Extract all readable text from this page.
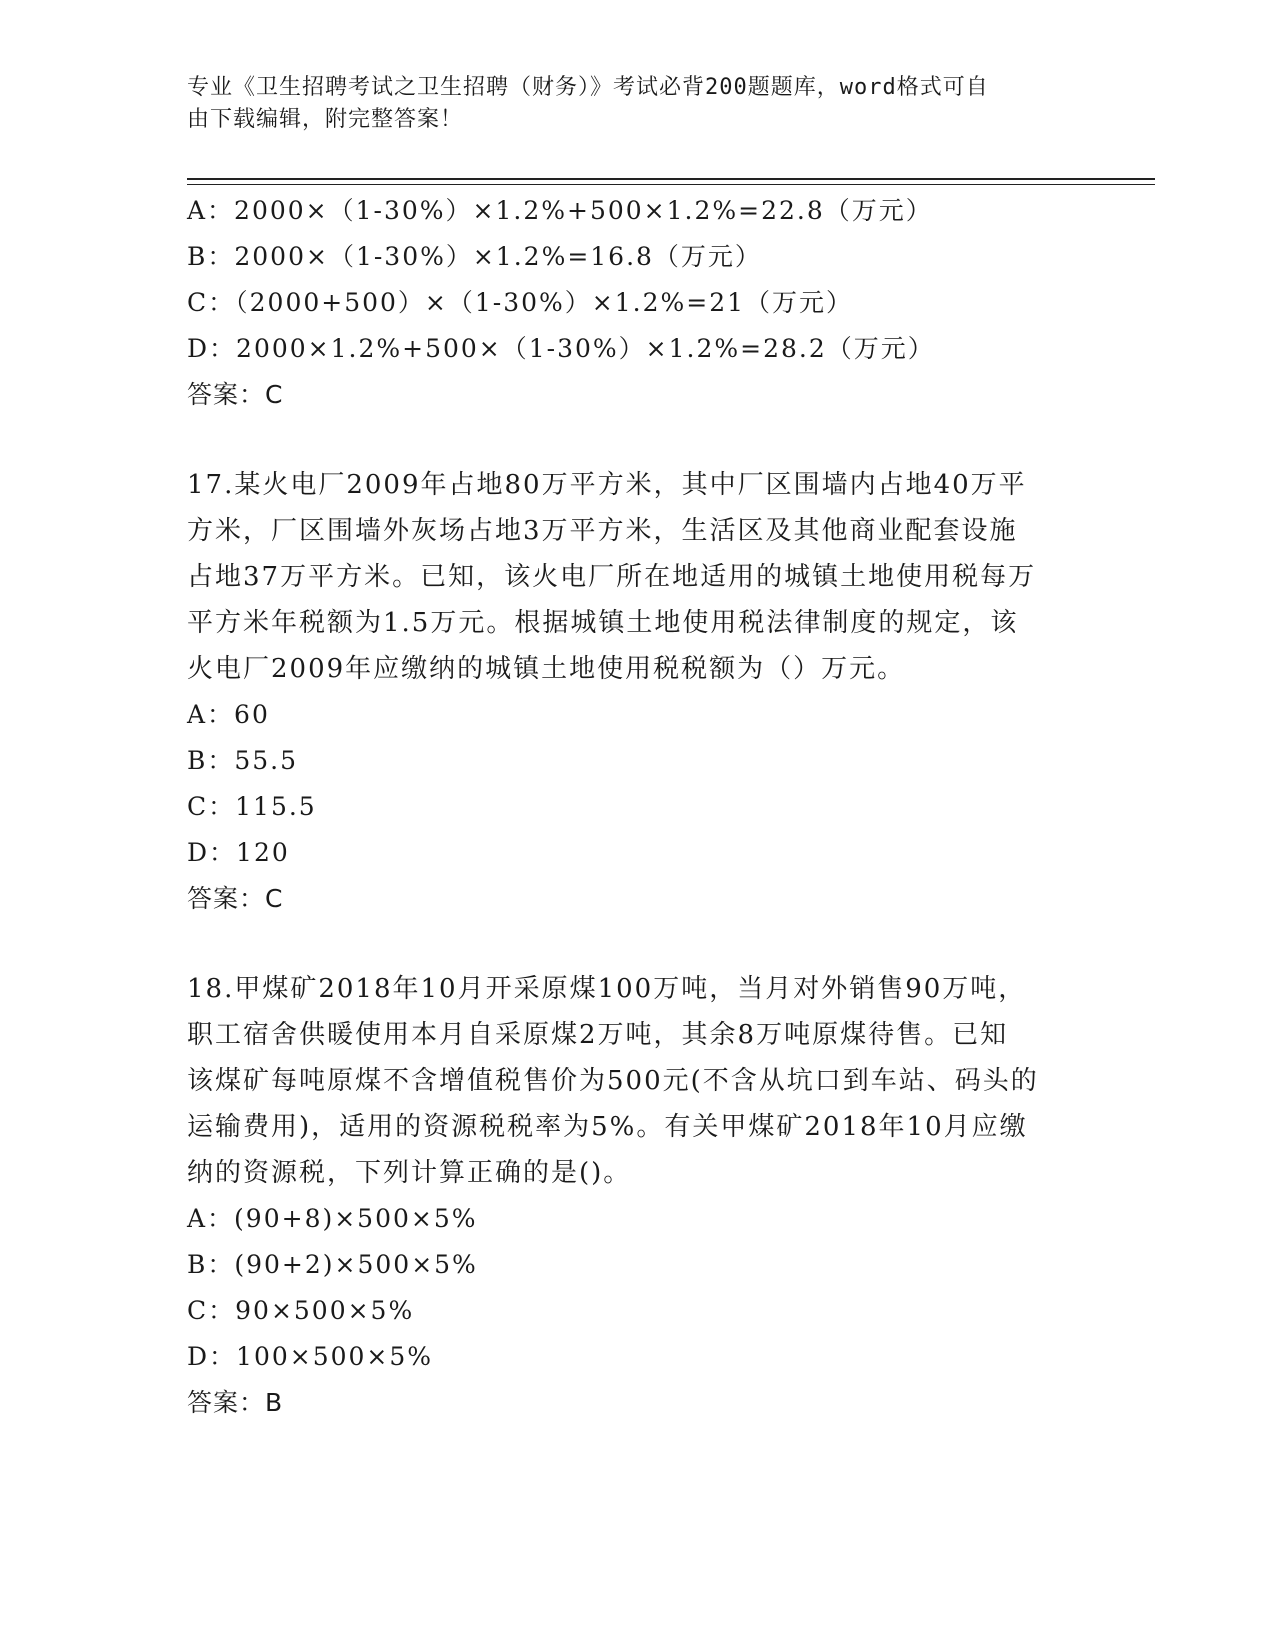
专业《卫生招聘考试之卫生招聘（财务）》考试必背200题题库，word格式可自
由下载编辑，附完整答案！
A：2000×（1-30%）×1.2%+500×1.2%=22.8（万元）
B：2000×（1-30%）×1.2%=16.8（万元）
C：（2000+500）×（1-30%）×1.2%=21（万元）
D：2000×1.2%+500×（1-30%）×1.2%=28.2（万元）
答案：C
17.某火电厂2009年占地80万平方米，其中厂区围墙内占地40万平
方米，厂区围墙外灰场占地3万平方米，生活区及其他商业配套设施
占地37万平方米。已知，该火电厂所在地适用的城镇土地使用税每万
平方米年税额为1.5万元。根据城镇土地使用税法律制度的规定，该
火电厂2009年应缴纳的城镇土地使用税税额为（）万元。
A：60
B：55.5
C：115.5
D：120
答案：C
18.甲煤矿2018年10月开采原煤100万吨，当月对外销售90万吨，
职工宿舍供暖使用本月自采原煤2万吨，其余8万吨原煤待售。已知
该煤矿每吨原煤不含增值税售价为500元(不含从坑口到车站、码头的
运输费用)，适用的资源税税率为5%。有关甲煤矿2018年10月应缴
纳的资源税，下列计算正确的是()。
A：(90+8)×500×5%
B：(90+2)×500×5%
C：90×500×5%
D：100×500×5%
答案：B
